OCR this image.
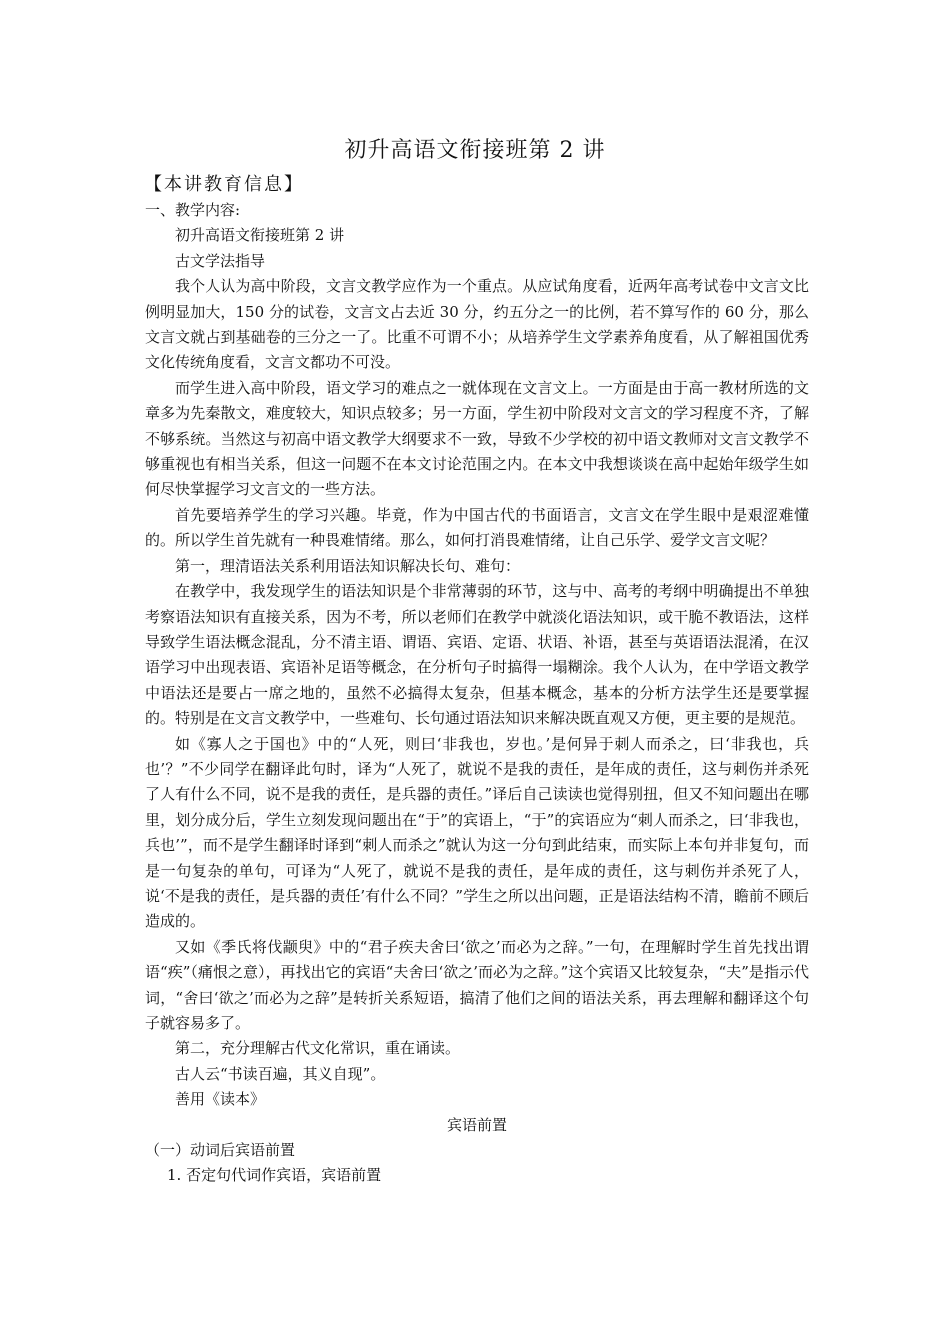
初升高语文衔接班第 2 讲
【本讲教育信息】

一、教学内容:

初升高语文衔接班第 2 讲

古文学法指导

我个人认为高中阶段，文言文教学应作为一个重点。从应试角度看，近两年高考试卷中文言文比例明显加大，150 分的试卷，文言文占去近 30 分，约五分之一的比例，若不算写作的 60 分，那么文言文就占到基础卷的三分之一了。比重不可谓不小；从培养学生文学素养角度看，从了解祖国优秀文化传统角度看，文言文都功不可没。

而学生进入高中阶段，语文学习的难点之一就体现在文言文上。一方面是由于高一教材所选的文章多为先秦散文，难度较大，知识点较多；另一方面，学生初中阶段对文言文的学习程度不齐，了解不够系统。当然这与初高中语文教学大纲要求不一致，导致不少学校的初中语文教师对文言文教学不够重视也有相当关系，但这一问题不在本文讨论范围之内。在本文中我想谈谈在高中起始年级学生如何尽快掌握学习文言文的一些方法。

首先要培养学生的学习兴趣。毕竟，作为中国古代的书面语言，文言文在学生眼中是艰涩难懂的。所以学生首先就有一种畏难情绪。那么，如何打消畏难情绪，让自己乐学、爱学文言文呢？

第一，理清语法关系利用语法知识解决长句、难句：

在教学中，我发现学生的语法知识是个非常薄弱的环节，这与中、高考的考纲中明确提出不单独考察语法知识有直接关系，因为不考，所以老师们在教学中就淡化语法知识，或干脆不教语法，这样导致学生语法概念混乱，分不清主语、谓语、宾语、定语、状语、补语，甚至与英语语法混淆，在汉语学习中出现表语、宾语补足语等概念，在分析句子时搞得一塌糊涂。我个人认为，在中学语文教学中语法还是要占一席之地的，虽然不必搞得太复杂，但基本概念，基本的分析方法学生还是要掌握的。特别是在文言文教学中，一些难句、长句通过语法知识来解决既直观又方便，更主要的是规范。

如《寡人之于国也》中的“人死，则曰‘非我也，岁也。’是何异于刺人而杀之，曰‘非我也，兵也’？”不少同学在翻译此句时，译为“人死了，就说不是我的责任，是年成的责任，这与刺伤并杀死了人有什么不同，说不是我的责任，是兵器的责任。”译后自己读读也觉得别扭，但又不知问题出在哪里，划分成分后，学生立刻发现问题出在“于”的宾语上，“于”的宾语应为“刺人而杀之，曰‘非我也，兵也’”，而不是学生翻译时译到“刺人而杀之”就认为这一分句到此结束，而实际上本句并非复句，而是一句复杂的单句，可译为“人死了，就说不是我的责任，是年成的责任，这与刺伤并杀死了人，说‘不是我的责任，是兵器的责任’有什么不同？”学生之所以出问题，正是语法结构不清，瞻前不顾后造成的。

又如《季氏将伐颛臾》中的“君子疾夫舍曰‘欲之’而必为之辞。”一句，在理解时学生首先找出谓语“疾”（痛恨之意），再找出它的宾语“夫舍曰‘欲之’而必为之辞。”这个宾语又比较复杂，“夫”是指示代词，“舍曰‘欲之’而必为之辞”是转折关系短语，搞清了他们之间的语法关系，再去理解和翻译这个句子就容易多了。

第二，充分理解古代文化常识，重在诵读。

古人云“书读百遍，其义自现”。

善用《读本》

宾语前置

（一）动词后宾语前置

1. 否定句代词作宾语，宾语前置
